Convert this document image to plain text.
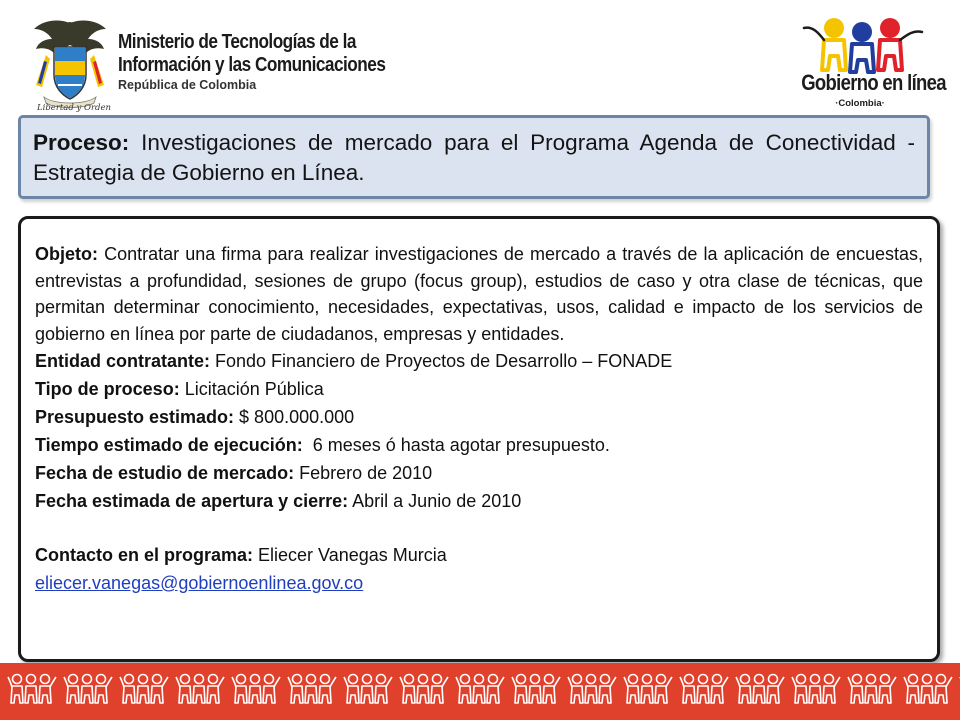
Libertad y Orden
Ministerio de Tecnologías de la
Información y las Comunicaciones
República de Colombia	Gobierno en línea
·Colombia·

Proceso: Investigaciones de mercado para el Programa Agenda de Conectividad - Estrategia de Gobierno en Línea.

Objeto: Contratar una firma para realizar investigaciones de mercado a través de la aplicación de encuestas, entrevistas a profundidad, sesiones de grupo (focus group), estudios de caso y otra clase de técnicas, que permitan determinar conocimiento, necesidades, expectativas, usos, calidad e impacto de los servicios de gobierno en línea por parte de ciudadanos, empresas y entidades.

Entidad contratante: Fondo Financiero de Proyectos de Desarrollo – FONADE

Tipo de proceso: Licitación Pública

Presupuesto estimado: $ 800.000.000

Tiempo estimado de ejecución:  6 meses ó hasta agotar presupuesto.

Fecha de estudio de mercado: Febrero de 2010

Fecha estimada de apertura y cierre: Abril a Junio de 2010

Contacto en el programa: Eliecer Vanegas Murcia

eliecer.vanegas@gobiernoenlinea.gov.co
